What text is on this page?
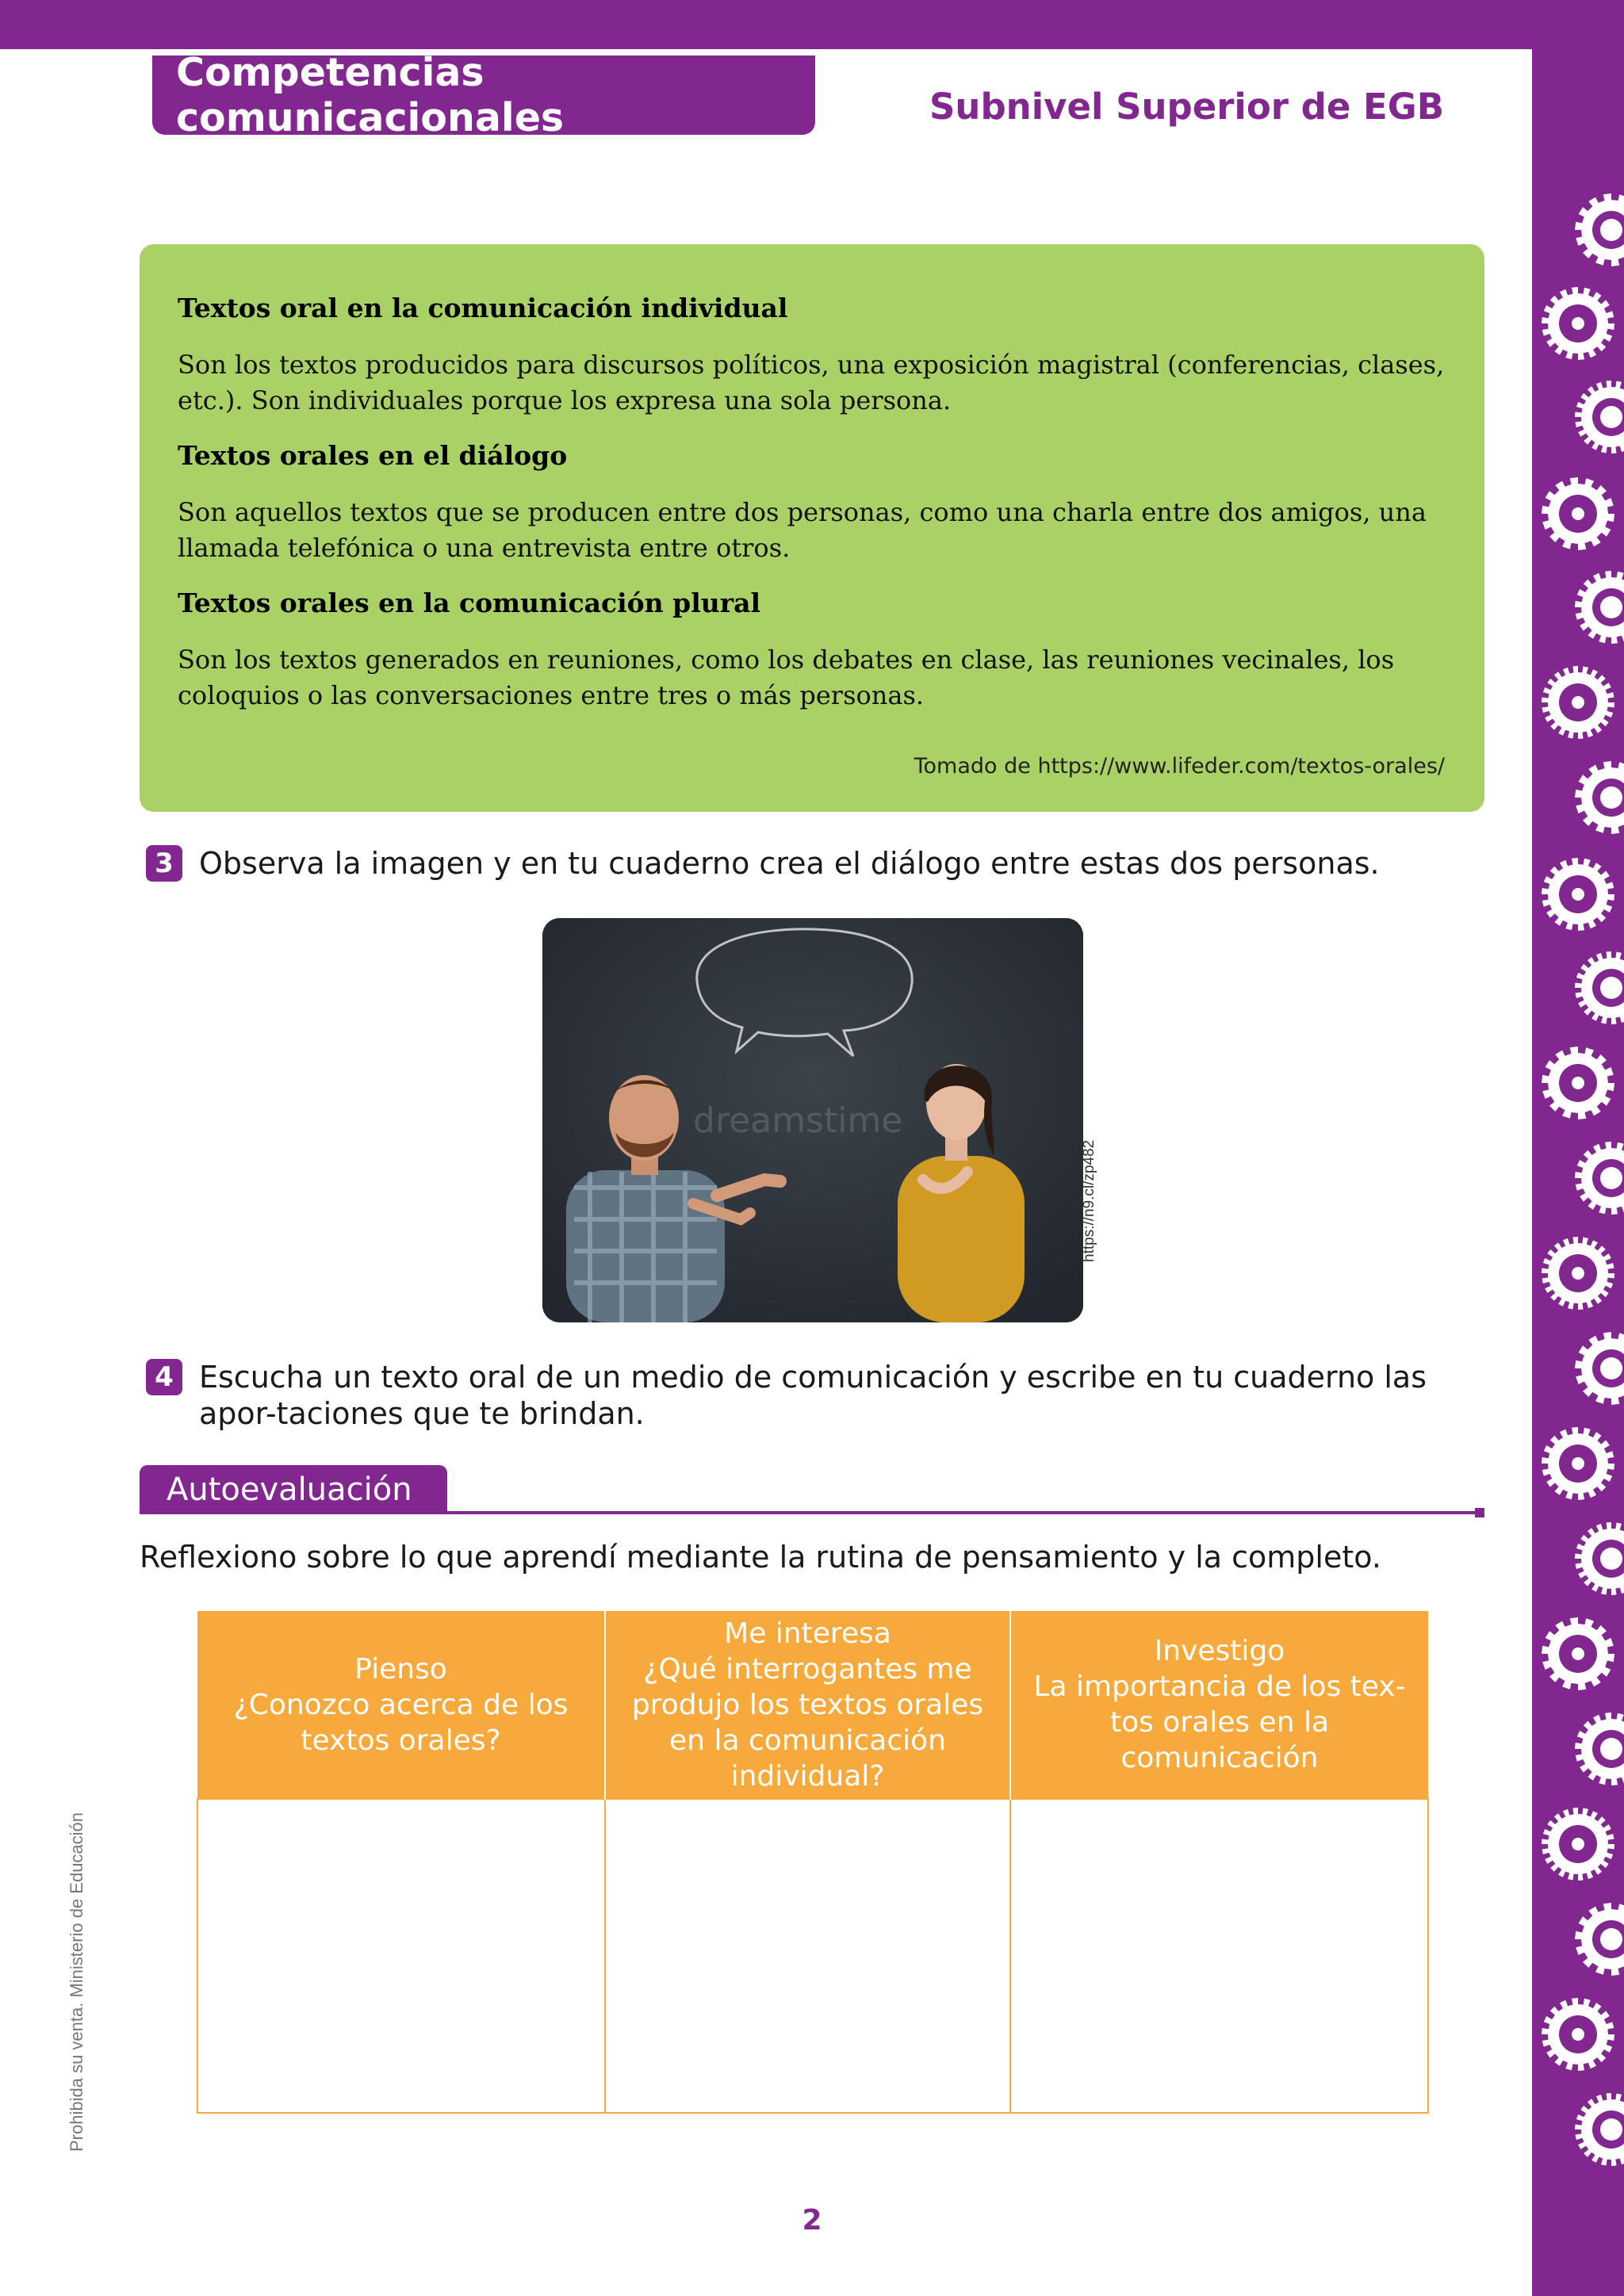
Competencias comunicacionales	Subnivel Superior de EGB
Textos oral en la comunicación individual

Son los textos producidos para discursos políticos, una exposición magistral (conferencias, clases, etc.). Son individuales porque los expresa una sola persona.

Textos orales en el diálogo

Son aquellos textos que se producen entre dos personas, como una charla entre dos amigos, una llamada telefónica o una entrevista entre otros.

Textos orales en la comunicación plural

Son los textos generados en reuniones, como los debates en clase, las reuniones vecinales, los coloquios o las conversaciones entre tres o más personas.

Tomado de https://www.lifeder.com/textos-orales/
3 Observa la imagen y en tu cuaderno crea el diálogo entre estas dos personas.
dreamstime
https://n9.cl/zp482
4 Escucha un texto oral de un medio de comunicación y escribe en tu cuaderno las apor-taciones que te brindan.
Autoevaluación
Reflexiono sobre lo que aprendí mediante la rutina de pensamiento y la completo.
Pienso
¿Conozco acerca de los
textos orales?	Me interesa
¿Qué interrogantes me
produjo los textos orales
en la comunicación
individual?	Investigo
La importancia de los tex-
tos orales en la
comunicación

Prohibida su venta. Ministerio de Educación
2
